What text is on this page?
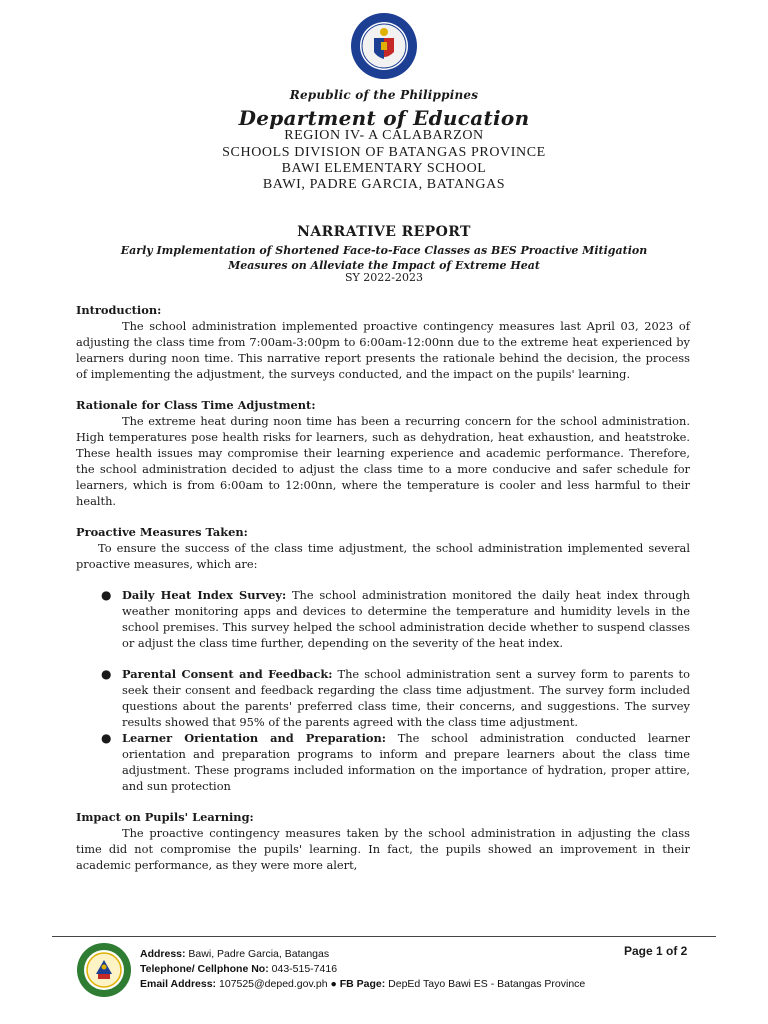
Republic of the Philippines
Department of Education
REGION IV- A CALABARZON
SCHOOLS DIVISION OF BATANGAS PROVINCE
BAWI ELEMENTARY SCHOOL
BAWI, PADRE GARCIA, BATANGAS
NARRATIVE REPORT
Early Implementation of Shortened Face-to-Face Classes as BES Proactive Mitigation
Measures on Alleviate the Impact of Extreme Heat
SY 2022-2023
Introduction:

The school administration implemented proactive contingency measures last April 03, 2023 of adjusting the class time from 7:00am-3:00pm to 6:00am-12:00nn due to the extreme heat experienced by learners during noon time. This narrative report presents the rationale behind the decision, the process of implementing the adjustment, the surveys conducted, and the impact on the pupils' learning.

Rationale for Class Time Adjustment:

The extreme heat during noon time has been a recurring concern for the school administration. High temperatures pose health risks for learners, such as dehydration, heat exhaustion, and heatstroke. These health issues may compromise their learning experience and academic performance. Therefore, the school administration decided to adjust the class time to a more conducive and safer schedule for learners, which is from 6:00am to 12:00nn, where the temperature is cooler and less harmful to their health.

Proactive Measures Taken:

To ensure the success of the class time adjustment, the school administration implemented several proactive measures, which are:

● Daily Heat Index Survey: The school administration monitored the daily heat index through weather monitoring apps and devices to determine the temperature and humidity levels in the school premises. This survey helped the school administration decide whether to suspend classes or adjust the class time further, depending on the severity of the heat index.
● Parental Consent and Feedback: The school administration sent a survey form to parents to seek their consent and feedback regarding the class time adjustment. The survey form included questions about the parents' preferred class time, their concerns, and suggestions. The survey results showed that 95% of the parents agreed with the class time adjustment.
● Learner Orientation and Preparation: The school administration conducted learner orientation and preparation programs to inform and prepare learners about the class time adjustment. These programs included information on the importance of hydration, proper attire, and sun protection
Impact on Pupils' Learning:

The proactive contingency measures taken by the school administration in adjusting the class time did not compromise the pupils' learning. In fact, the pupils showed an improvement in their academic performance, as they were more alert,

Address: Bawi, Padre Garcia, Batangas
Telephone/ Cellphone No: 043-515-7416
Email Address: 107525@deped.gov.ph ● FB Page: DepEd Tayo Bawi ES - Batangas Province
Page 1 of 2
